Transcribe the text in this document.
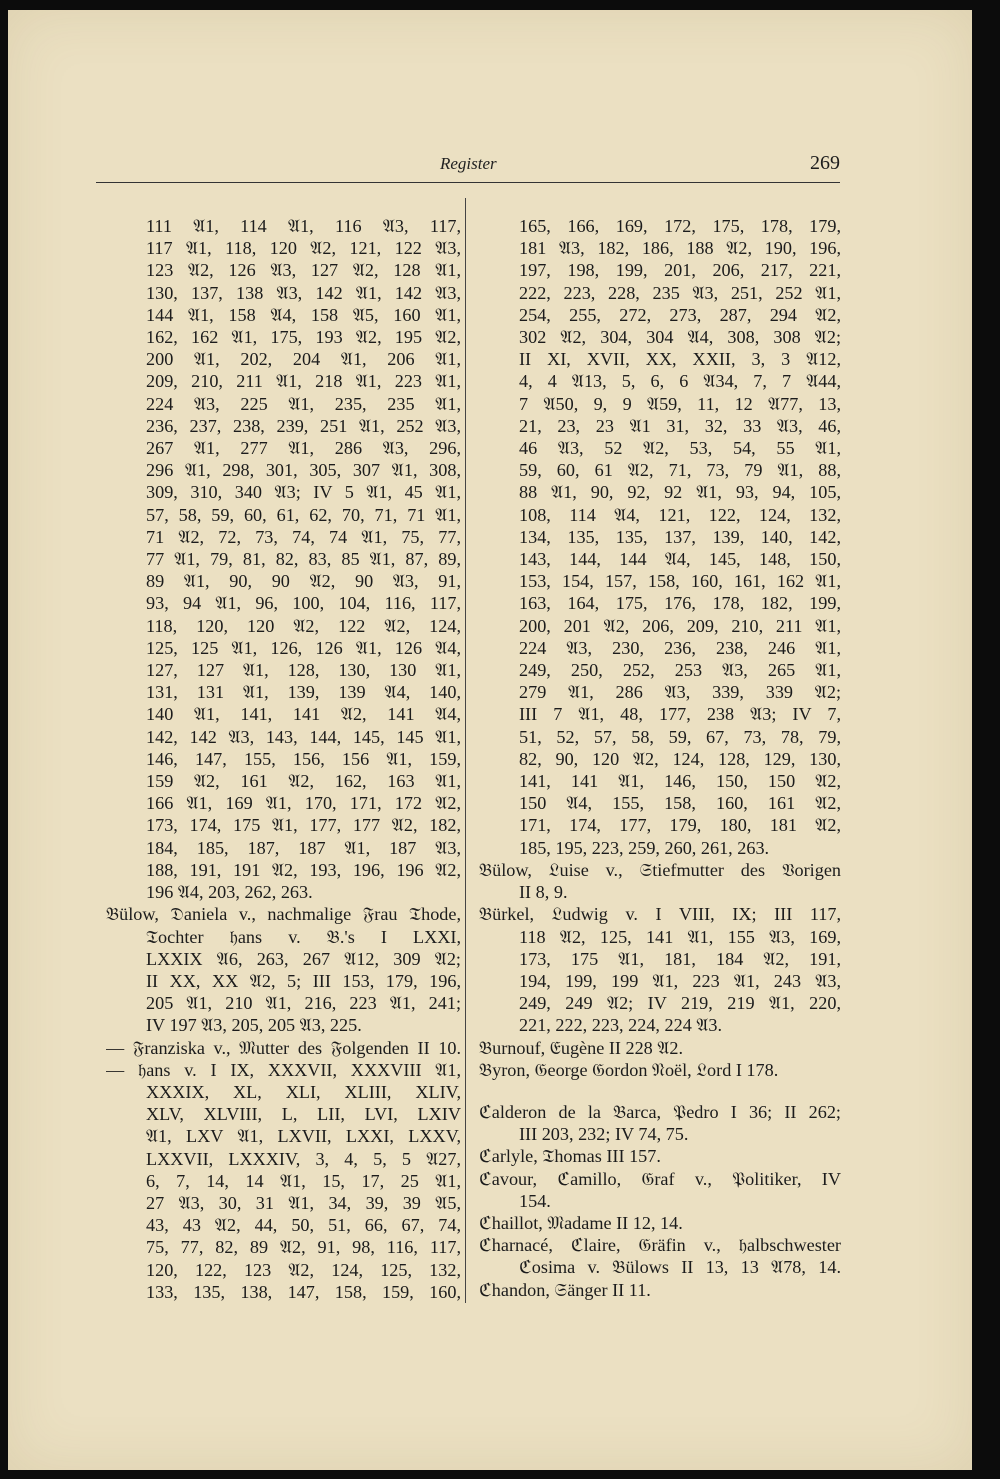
Register	269
111 𝔄1, 114 𝔄1, 116 𝔄3, 117,
117 𝔄1, 118, 120 𝔄2, 121, 122 𝔄3,
123 𝔄2, 126 𝔄3, 127 𝔄2, 128 𝔄1,
130, 137, 138 𝔄3, 142 𝔄1, 142 𝔄3,
144 𝔄1, 158 𝔄4, 158 𝔄5, 160 𝔄1,
162, 162 𝔄1, 175, 193 𝔄2, 195 𝔄2,
200 𝔄1, 202, 204 𝔄1, 206 𝔄1,
209, 210, 211 𝔄1, 218 𝔄1, 223 𝔄1,
224 𝔄3, 225 𝔄1, 235, 235 𝔄1,
236, 237, 238, 239, 251 𝔄1, 252 𝔄3,
267 𝔄1, 277 𝔄1, 286 𝔄3, 296,
296 𝔄1, 298, 301, 305, 307 𝔄1, 308,
309, 310, 340 𝔄3; IV 5 𝔄1, 45 𝔄1,
57, 58, 59, 60, 61, 62, 70, 71, 71 𝔄1,
71 𝔄2, 72, 73, 74, 74 𝔄1, 75, 77,
77 𝔄1, 79, 81, 82, 83, 85 𝔄1, 87, 89,
89 𝔄1, 90, 90 𝔄2, 90 𝔄3, 91,
93, 94 𝔄1, 96, 100, 104, 116, 117,
118, 120, 120 𝔄2, 122 𝔄2, 124,
125, 125 𝔄1, 126, 126 𝔄1, 126 𝔄4,
127, 127 𝔄1, 128, 130, 130 𝔄1,
131, 131 𝔄1, 139, 139 𝔄4, 140,
140 𝔄1, 141, 141 𝔄2, 141 𝔄4,
142, 142 𝔄3, 143, 144, 145, 145 𝔄1,
146, 147, 155, 156, 156 𝔄1, 159,
159 𝔄2, 161 𝔄2, 162, 163 𝔄1,
166 𝔄1, 169 𝔄1, 170, 171, 172 𝔄2,
173, 174, 175 𝔄1, 177, 177 𝔄2, 182,
184, 185, 187, 187 𝔄1, 187 𝔄3,
188, 191, 191 𝔄2, 193, 196, 196 𝔄2,
196 𝔄4, 203, 262, 263.
𝔅ülow, 𝔇aniela v., nachmalige 𝔉rau 𝔗hode,
𝔗ochter 𝔥ans v. 𝔅.'s I LXXI,
LXXIX 𝔄6, 263, 267 𝔄12, 309 𝔄2;
II XX, XX 𝔄2, 5; III 153, 179, 196,
205 𝔄1, 210 𝔄1, 216, 223 𝔄1, 241;
IV 197 𝔄3, 205, 205 𝔄3, 225.
— 𝔉ranziska v., 𝔐utter des 𝔉olgenden II 10.
— 𝔥ans v. I IX, XXXVII, XXXVIII 𝔄1,
XXXIX, XL, XLI, XLIII, XLIV,
XLV, XLVIII, L, LII, LVI, LXIV
𝔄1, LXV 𝔄1, LXVII, LXXI, LXXV,
LXXVII, LXXXIV, 3, 4, 5, 5 𝔄27,
6, 7, 14, 14 𝔄1, 15, 17, 25 𝔄1,
27 𝔄3, 30, 31 𝔄1, 34, 39, 39 𝔄5,
43, 43 𝔄2, 44, 50, 51, 66, 67, 74,
75, 77, 82, 89 𝔄2, 91, 98, 116, 117,
120, 122, 123 𝔄2, 124, 125, 132,
133, 135, 138, 147, 158, 159, 160,
165, 166, 169, 172, 175, 178, 179,
181 𝔄3, 182, 186, 188 𝔄2, 190, 196,
197, 198, 199, 201, 206, 217, 221,
222, 223, 228, 235 𝔄3, 251, 252 𝔄1,
254, 255, 272, 273, 287, 294 𝔄2,
302 𝔄2, 304, 304 𝔄4, 308, 308 𝔄2;
II XI, XVII, XX, XXII, 3, 3 𝔄12,
4, 4 𝔄13, 5, 6, 6 𝔄34, 7, 7 𝔄44,
7 𝔄50, 9, 9 𝔄59, 11, 12 𝔄77, 13,
21, 23, 23 𝔄1 31, 32, 33 𝔄3, 46,
46 𝔄3, 52 𝔄2, 53, 54, 55 𝔄1,
59, 60, 61 𝔄2, 71, 73, 79 𝔄1, 88,
88 𝔄1, 90, 92, 92 𝔄1, 93, 94, 105,
108, 114 𝔄4, 121, 122, 124, 132,
134, 135, 135, 137, 139, 140, 142,
143, 144, 144 𝔄4, 145, 148, 150,
153, 154, 157, 158, 160, 161, 162 𝔄1,
163, 164, 175, 176, 178, 182, 199,
200, 201 𝔄2, 206, 209, 210, 211 𝔄1,
224 𝔄3, 230, 236, 238, 246 𝔄1,
249, 250, 252, 253 𝔄3, 265 𝔄1,
279 𝔄1, 286 𝔄3, 339, 339 𝔄2;
III 7 𝔄1, 48, 177, 238 𝔄3; IV 7,
51, 52, 57, 58, 59, 67, 73, 78, 79,
82, 90, 120 𝔄2, 124, 128, 129, 130,
141, 141 𝔄1, 146, 150, 150 𝔄2,
150 𝔄4, 155, 158, 160, 161 𝔄2,
171, 174, 177, 179, 180, 181 𝔄2,
185, 195, 223, 259, 260, 261, 263.
𝔅ülow, 𝔏uise v., 𝔖tiefmutter des 𝔙origen
II 8, 9.
𝔅ürkel, 𝔏udwig v. I VIII, IX; III 117,
118 𝔄2, 125, 141 𝔄1, 155 𝔄3, 169,
173, 175 𝔄1, 181, 184 𝔄2, 191,
194, 199, 199 𝔄1, 223 𝔄1, 243 𝔄3,
249, 249 𝔄2; IV 219, 219 𝔄1, 220,
221, 222, 223, 224, 224 𝔄3.
𝔅urnouf, 𝔈ugène II 228 𝔄2.
𝔅yron, 𝔊eorge 𝔊ordon 𝔑oël, 𝔏ord I 178.
ℭalderon de la 𝔅arca, 𝔓edro I 36; II 262;
III 203, 232; IV 74, 75.
ℭarlyle, 𝔗homas III 157.
ℭavour, ℭamillo, 𝔊raf v., 𝔓olitiker, IV
154.
ℭhaillot, 𝔐adame II 12, 14.
ℭharnacé, ℭlaire, 𝔊räfin v., 𝔥albschwester
ℭosima v. 𝔅ülows II 13, 13 𝔄78, 14.
ℭhandon, 𝔖änger II 11.
